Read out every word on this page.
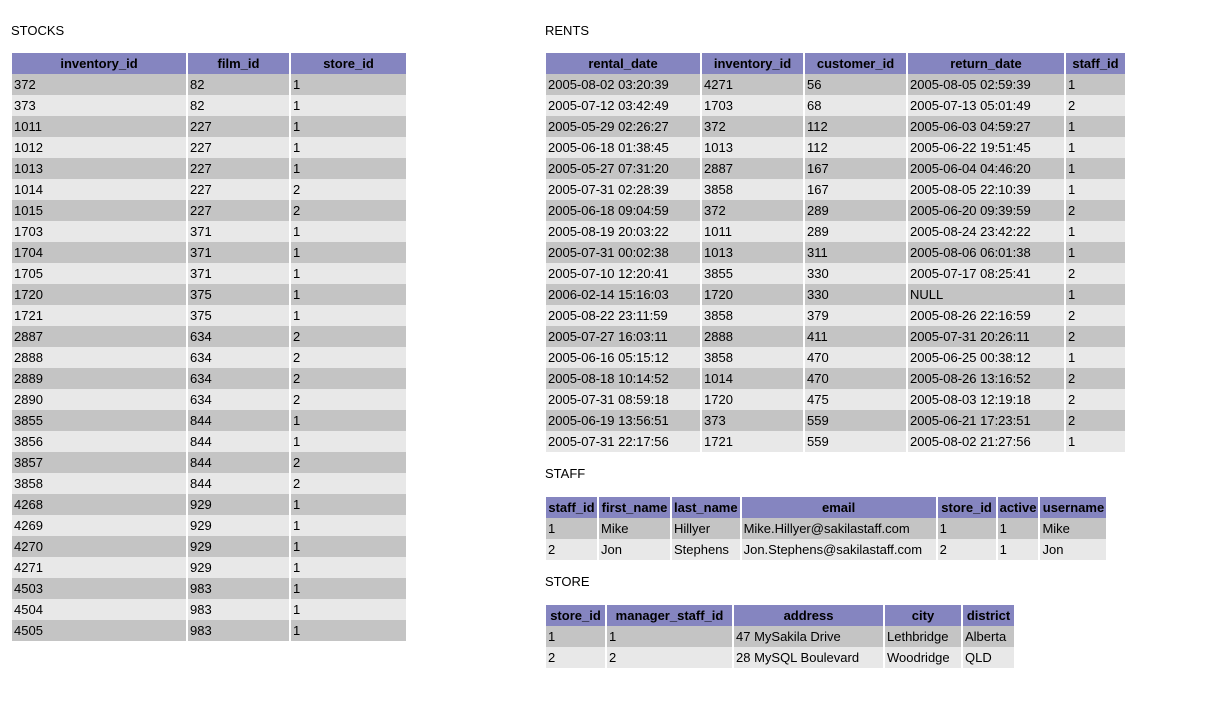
STOCKS
inventory_id	film_id	store_id
372	82	1
373	82	1
1011	227	1
1012	227	1
1013	227	1
1014	227	2
1015	227	2
1703	371	1
1704	371	1
1705	371	1
1720	375	1
1721	375	1
2887	634	2
2888	634	2
2889	634	2
2890	634	2
3855	844	1
3856	844	1
3857	844	2
3858	844	2
4268	929	1
4269	929	1
4270	929	1
4271	929	1
4503	983	1
4504	983	1
4505	983	1
RENTS
rental_date	inventory_id	customer_id	return_date	staff_id
2005-08-02 03:20:39	4271	56	2005-08-05 02:59:39	1
2005-07-12 03:42:49	1703	68	2005-07-13 05:01:49	2
2005-05-29 02:26:27	372	112	2005-06-03 04:59:27	1
2005-06-18 01:38:45	1013	112	2005-06-22 19:51:45	1
2005-05-27 07:31:20	2887	167	2005-06-04 04:46:20	1
2005-07-31 02:28:39	3858	167	2005-08-05 22:10:39	1
2005-06-18 09:04:59	372	289	2005-06-20 09:39:59	2
2005-08-19 20:03:22	1011	289	2005-08-24 23:42:22	1
2005-07-31 00:02:38	1013	311	2005-08-06 06:01:38	1
2005-07-10 12:20:41	3855	330	2005-07-17 08:25:41	2
2006-02-14 15:16:03	1720	330	NULL	1
2005-08-22 23:11:59	3858	379	2005-08-26 22:16:59	2
2005-07-27 16:03:11	2888	411	2005-07-31 20:26:11	2
2005-06-16 05:15:12	3858	470	2005-06-25 00:38:12	1
2005-08-18 10:14:52	1014	470	2005-08-26 13:16:52	2
2005-07-31 08:59:18	1720	475	2005-08-03 12:19:18	2
2005-06-19 13:56:51	373	559	2005-06-21 17:23:51	2
2005-07-31 22:17:56	1721	559	2005-08-02 21:27:56	1
STAFF
staff_id	first_name	last_name	email	store_id	active	username
1	Mike	Hillyer	Mike.Hillyer@sakilastaff.com	1	1	Mike
2	Jon	Stephens	Jon.Stephens@sakilastaff.com	2	1	Jon
STORE
store_id	manager_staff_id	address	city	district
1	1	47 MySakila Drive	Lethbridge	Alberta
2	2	28 MySQL Boulevard	Woodridge	QLD
